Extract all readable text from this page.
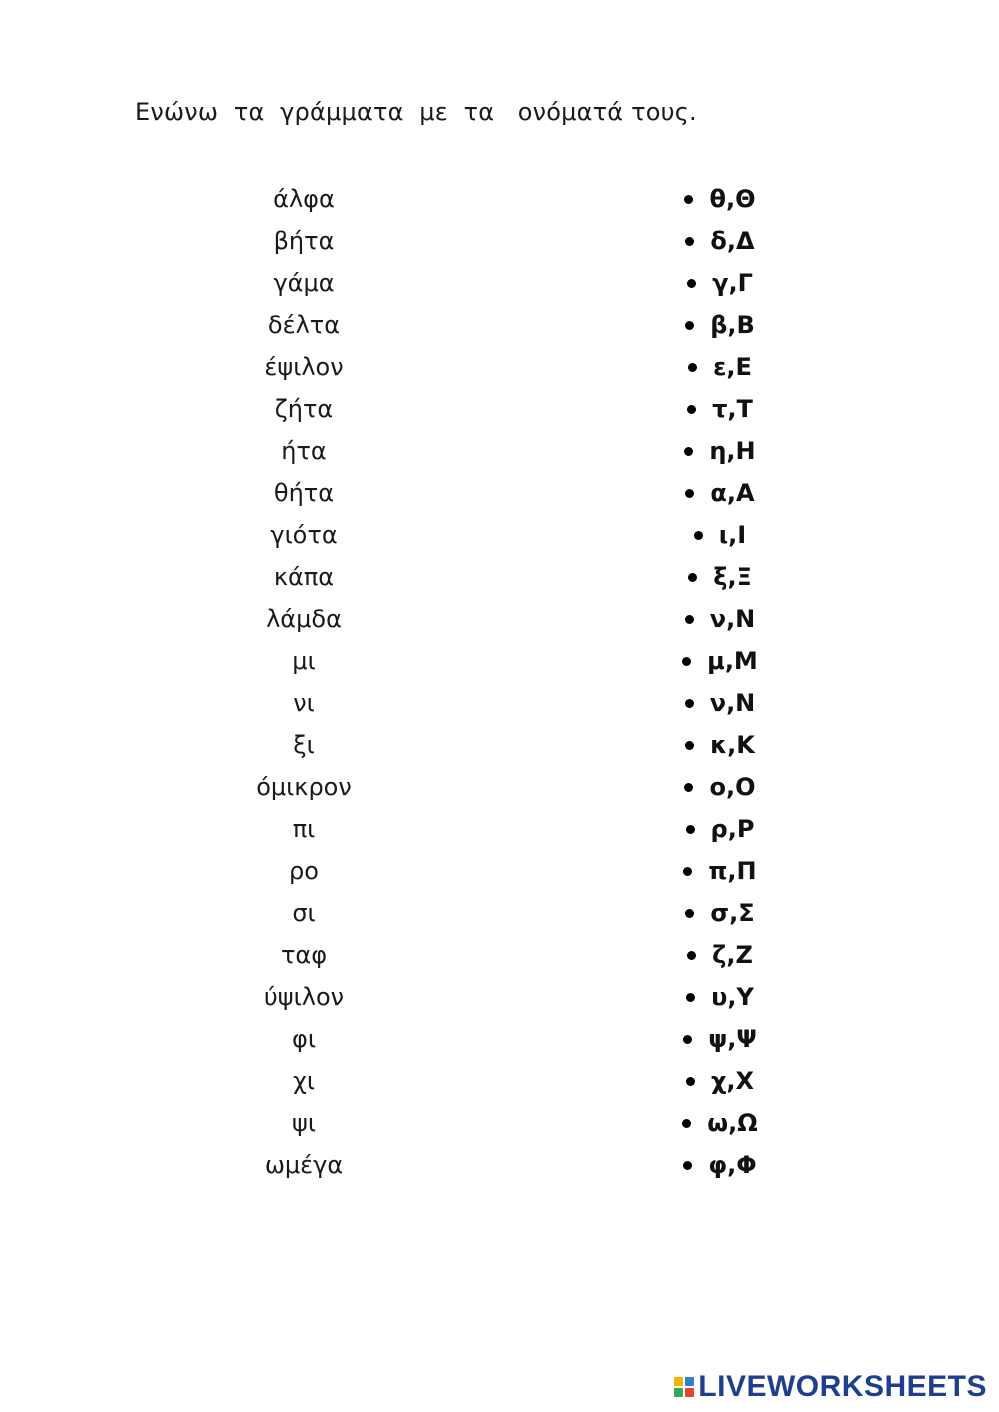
Ενώνω  τα  γράμματα  με  τα   ονόματά τους.
άλφα
βήτα
γάμα
δέλτα
έψιλον
ζήτα
ήτα
θήτα
γιότα
κάπα
λάμδα
μι
νι
ξι
όμικρον
πι
ρο
σι
ταφ
ύψιλον
φι
χι
ψι
ωμέγα
θ,Θ
δ,Δ
γ,Γ
β,Β
ε,Ε
τ,Τ
η,Η
α,Α
ι,Ι
ξ,Ξ
ν,Ν
μ,Μ
ν,Ν
κ,Κ
ο,Ο
ρ,Ρ
π,Π
σ,Σ
ζ,Ζ
υ,Υ
ψ,Ψ
χ,Χ
ω,Ω
φ,Φ
LIVEWORKSHEETS
